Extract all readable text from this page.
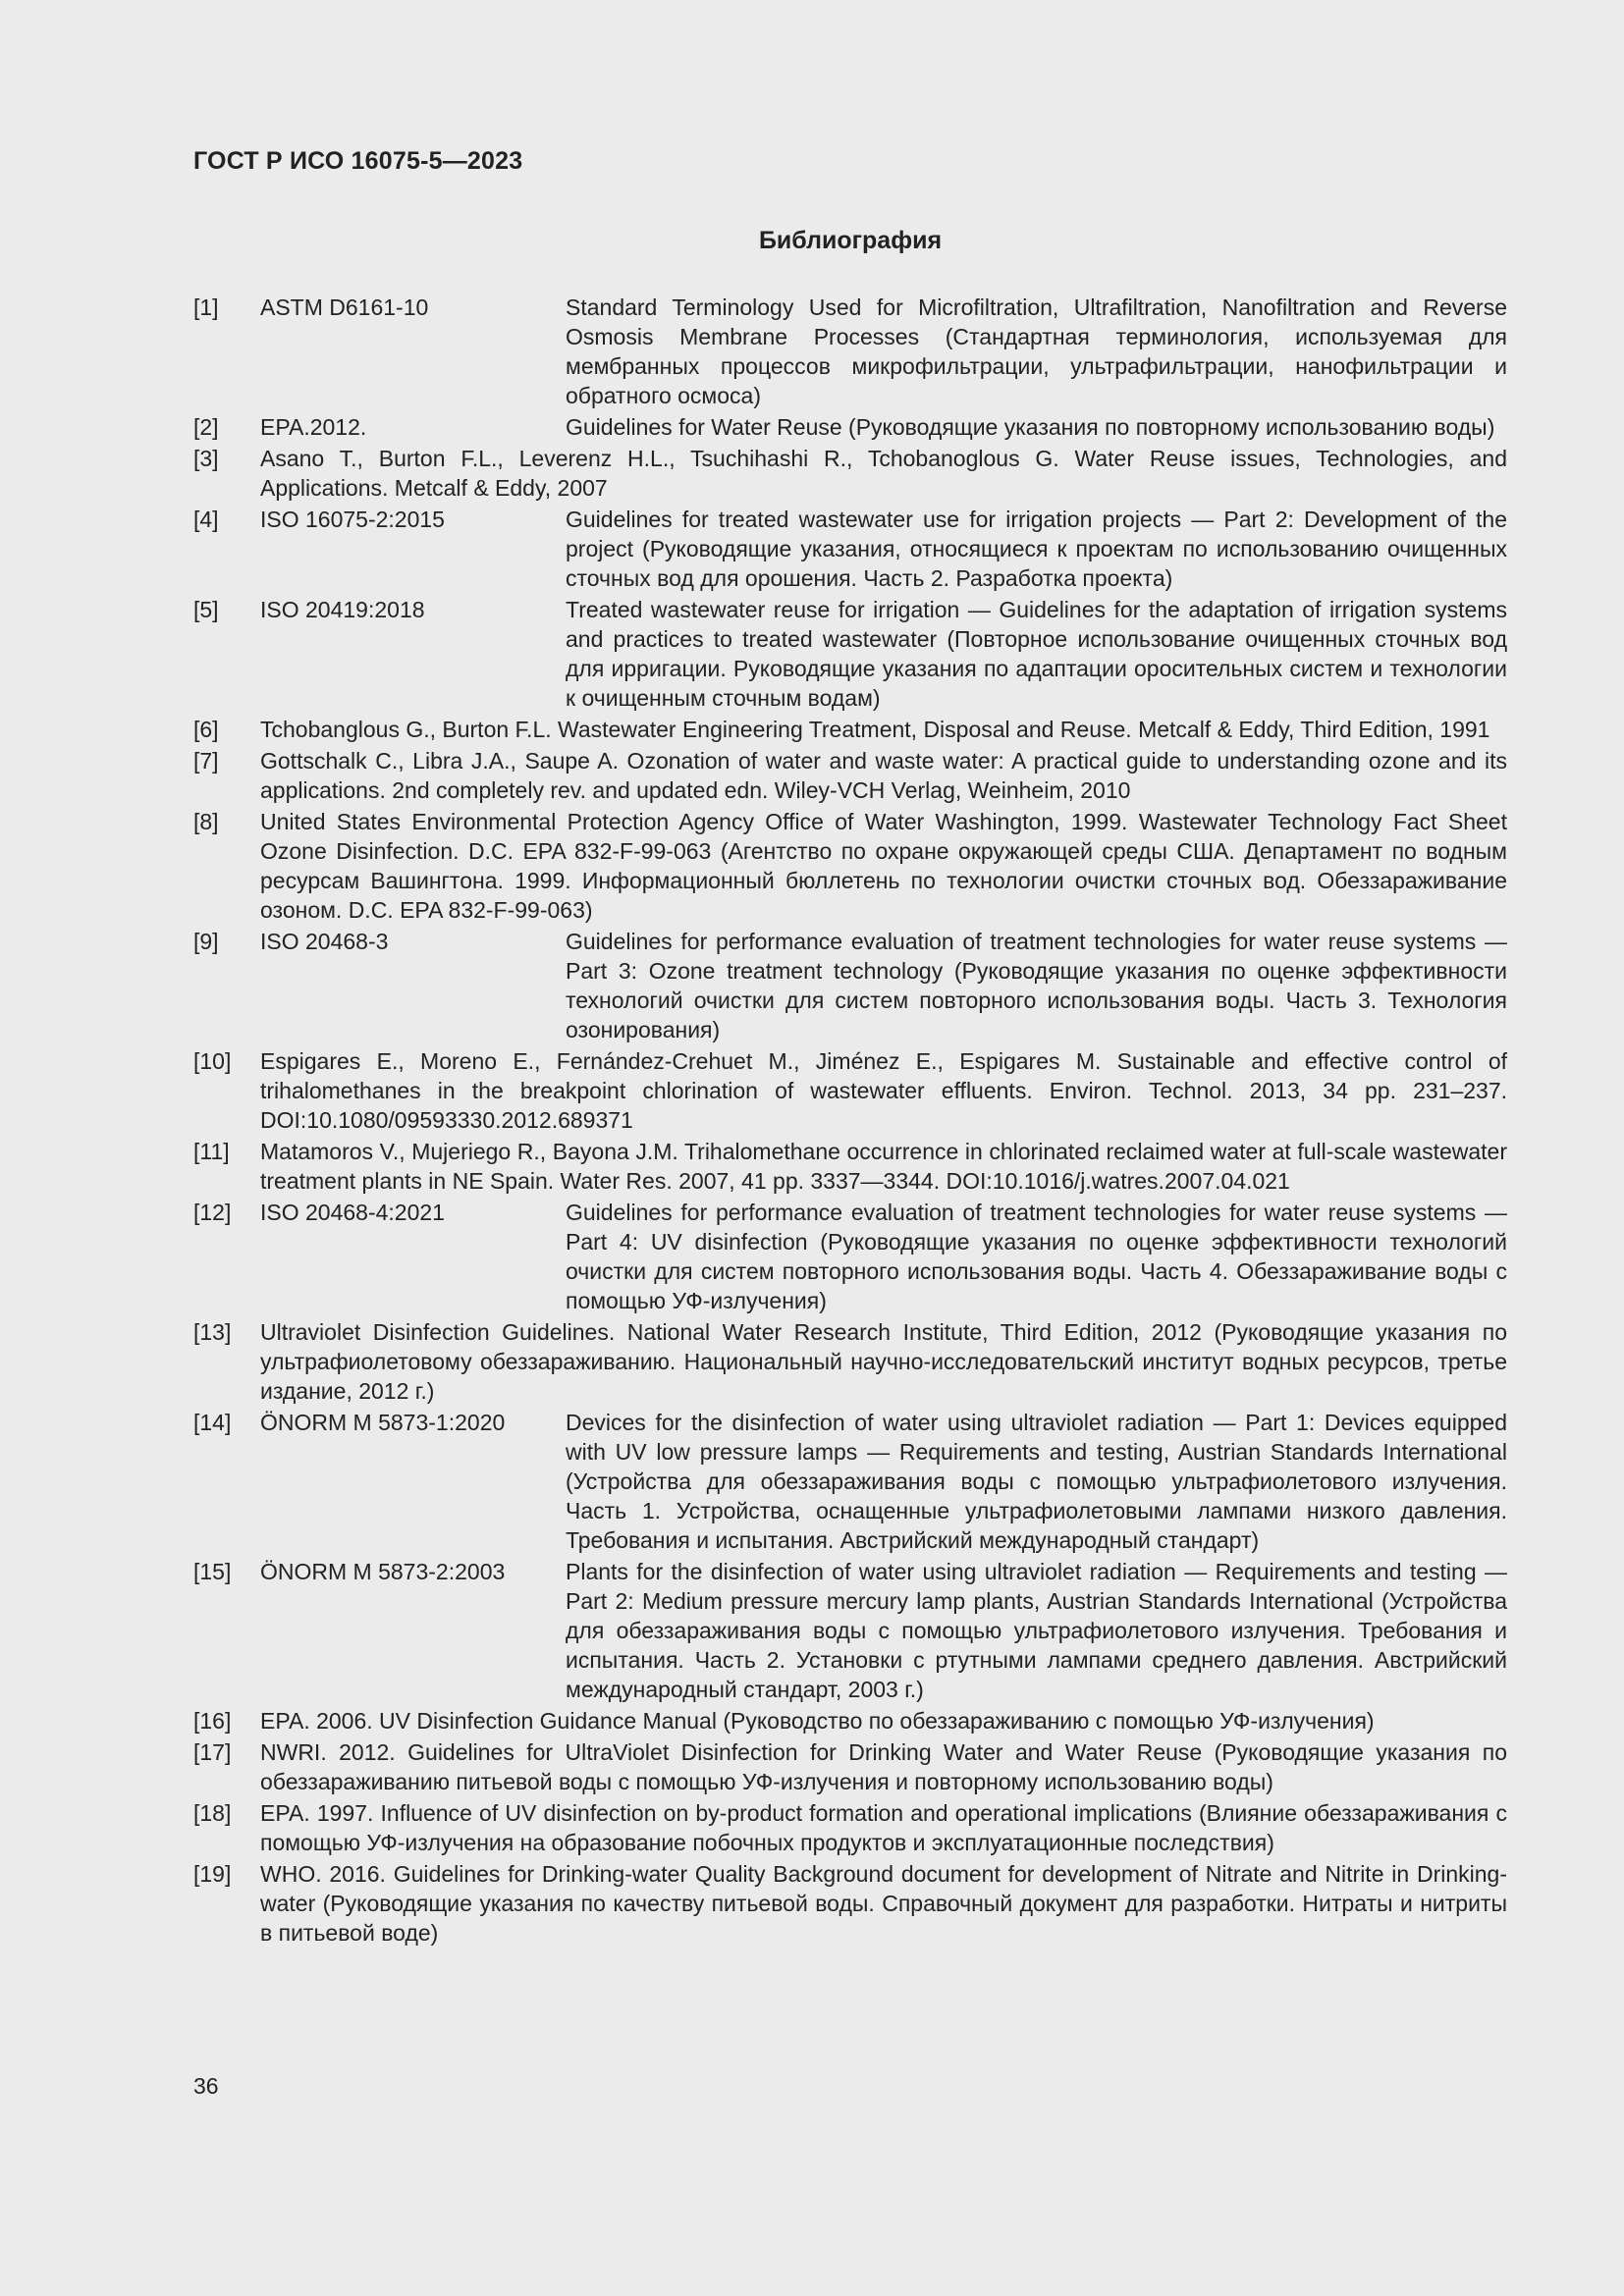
ГОСТ Р ИСО 16075-5—2023
Библиография
[1]	ASTM D6161-10	Standard Terminology Used for Microfiltration, Ultrafiltration, Nanofiltration and Reverse Osmosis Membrane Processes (Стандартная терминология, используемая для мембранных процессов микрофильтрации, ультрафильтрации, нанофильтрации и обратного осмоса)
[2]	EPA.2012.	Guidelines for Water Reuse (Руководящие указания по повторному использованию воды)
[3]	Asano T., Burton F.L., Leverenz H.L., Tsuchihashi R., Tchobanoglous G. Water Reuse issues, Technologies, and Applications. Metcalf & Eddy, 2007
[4]	ISO 16075-2:2015	Guidelines for treated wastewater use for irrigation projects — Part 2: Development of the project (Руководящие указания, относящиеся к проектам по использованию очищенных сточных вод для орошения. Часть 2. Разработка проекта)
[5]	ISO 20419:2018	Treated wastewater reuse for irrigation — Guidelines for the adaptation of irrigation systems and practices to treated wastewater (Повторное использование очищенных сточных вод для ирригации. Руководящие указания по адаптации оросительных систем и технологии к очищенным сточным водам)
[6]	Tchobanglous G., Burton F.L. Wastewater Engineering Treatment, Disposal and Reuse. Metcalf & Eddy, Third Edition, 1991
[7]	Gottschalk C., Libra J.A., Saupe A. Ozonation of water and waste water: A practical guide to understanding ozone and its applications. 2nd completely rev. and updated edn. Wiley-VCH Verlag, Weinheim, 2010
[8]	United States Environmental Protection Agency Office of Water Washington, 1999. Wastewater Technology Fact Sheet Ozone Disinfection. D.C. EPA 832-F-99-063 (Агентство по охране окружающей среды США. Департамент по водным ресурсам Вашингтона. 1999. Информационный бюллетень по технологии очистки сточных вод. Обеззараживание озоном. D.C. EPA 832-F-99-063)
[9]	ISO 20468-3	Guidelines for performance evaluation of treatment technologies for water reuse systems — Part 3: Ozone treatment technology (Руководящие указания по оценке эффективности технологий очистки для систем повторного использования воды. Часть 3. Технология озонирования)
[10]	Espigares E., Moreno E., Fernández-Crehuet M., Jiménez E., Espigares M. Sustainable and effective control of trihalomethanes in the breakpoint chlorination of wastewater effluents. Environ. Technol. 2013, 34 pp. 231–237. DOI:10.1080/09593330.2012.689371
[11]	Matamoros V., Mujeriego R., Bayona J.M. Trihalomethane occurrence in chlorinated reclaimed water at full-scale wastewater treatment plants in NE Spain. Water Res. 2007, 41 pp. 3337—3344. DOI:10.1016/j.watres.2007.04.021
[12]	ISO 20468-4:2021	Guidelines for performance evaluation of treatment technologies for water reuse systems — Part 4: UV disinfection (Руководящие указания по оценке эффективности технологий очистки для систем повторного использования воды. Часть 4. Обеззараживание воды с помощью УФ-излучения)
[13]	Ultraviolet Disinfection Guidelines. National Water Research Institute, Third Edition, 2012 (Руководящие указания по ультрафиолетовому обеззараживанию. Национальный научно-исследовательский институт водных ресурсов, третье издание, 2012 г.)
[14]	ÖNORM M 5873-1:2020	Devices for the disinfection of water using ultraviolet radiation — Part 1: Devices equipped with UV low pressure lamps — Requirements and testing, Austrian Standards International (Устройства для обеззараживания воды с помощью ультрафиолетового излучения. Часть 1. Устройства, оснащенные ультрафиолетовыми лампами низкого давления. Требования и испытания. Австрийский международный стандарт)
[15]	ÖNORM M 5873-2:2003	Plants for the disinfection of water using ultraviolet radiation — Requirements and testing — Part 2: Medium pressure mercury lamp plants, Austrian Standards International (Устройства для обеззараживания воды с помощью ультрафиолетового излучения. Требования и испытания. Часть 2. Установки с ртутными лампами среднего давления. Австрийский международный стандарт, 2003 г.)
[16]	EPA. 2006. UV Disinfection Guidance Manual (Руководство по обеззараживанию с помощью УФ-излучения)
[17]	NWRI. 2012. Guidelines for UltraViolet Disinfection for Drinking Water and Water Reuse (Руководящие указания по обеззараживанию питьевой воды с помощью УФ-излучения и повторному использованию воды)
[18]	EPA. 1997. Influence of UV disinfection on by-product formation and operational implications (Влияние обеззараживания с помощью УФ-излучения на образование побочных продуктов и эксплуатационные последствия)
[19]	WHO. 2016. Guidelines for Drinking-water Quality Background document for development of Nitrate and Nitrite in Drinking-water (Руководящие указания по качеству питьевой воды. Справочный документ для разработки. Нитраты и нитриты в питьевой воде)
36
